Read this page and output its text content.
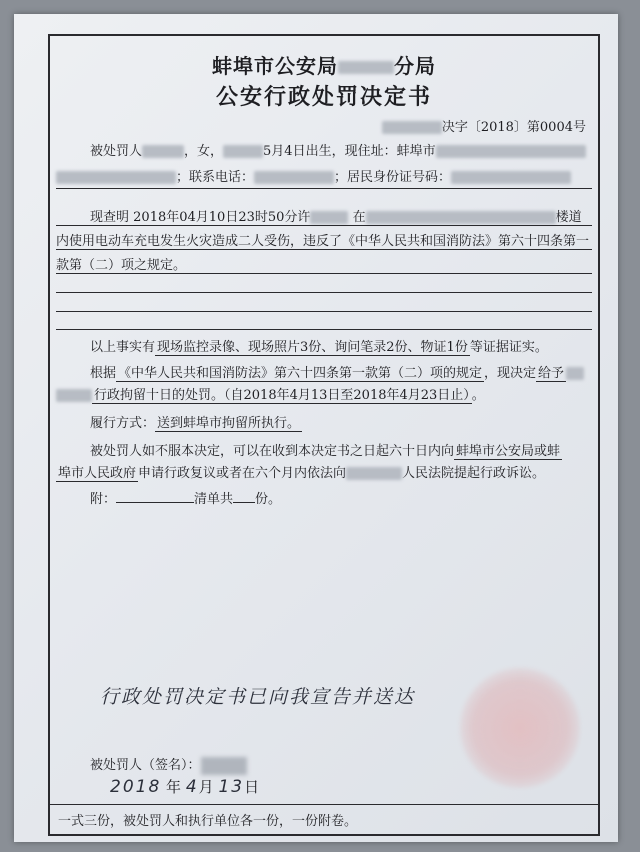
蚌埠市公安局	分局
公安行政处罚决定书
决字〔2018〕第0004号
被处罚人	，女，	5月4日出生，现住址：蚌埠市
；联系电话：	；居民身份证号码：
现查明 2018年04月10日23时50分许	在	楼道
内使用电动车充电发生火灾造成二人受伤，违反了《中华人民共和国消防法》第六十四条第一
款第（二）项之规定。
以上事实有 现场监控录像、现场照片3份、询问笔录2份、物证1份 等证据证实。
根据 《中华人民共和国消防法》第六十四条第一款第（二）项的规定 ，现决定 给予
行政拘留十日的处罚。（自2018年4月13日至2018年4月23日止） 。
履行方式： 送到蚌埠市拘留所执行。
被处罚人如不服本决定，可以在收到本决定书之日起六十日内向 蚌埠市公安局或蚌
埠市人民政府 申请行政复议或者在六个月内依法向	人民法院提起行政诉讼。
附：	清单共 份。
行政处罚决定书已向我宣告并送达
被处罚人（签名）：
2018 年 4月 13日
一式三份，被处罚人和执行单位各一份，一份附卷。
